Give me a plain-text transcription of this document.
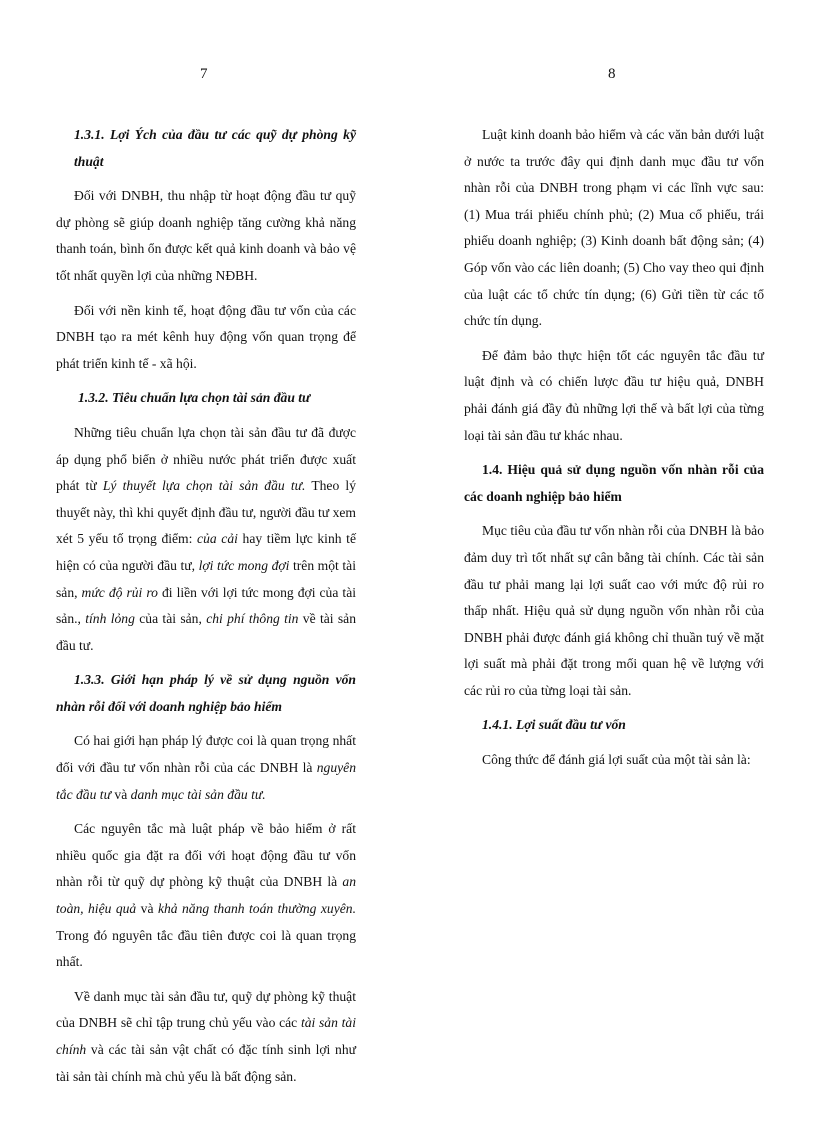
7

1.3.1. Lợi Ých của đầu tư các quỹ dự phòng kỹ thuật

Đối với DNBH, thu nhập từ hoạt động đầu tư quỹ dự phòng sẽ giúp doanh nghiệp tăng cường khả năng thanh toán, bình ổn được kết quả kinh doanh và bảo vệ tốt nhất quyền lợi của những NĐBH.

Đối với nền kinh tế, hoạt động đầu tư vốn của các DNBH tạo ra mét kênh huy động vốn quan trọng để phát triển kinh tế - xã hội.

1.3.2. Tiêu chuẩn lựa chọn tài sản đầu tư

Những tiêu chuẩn lựa chọn tài sản đầu tư đã được áp dụng phổ biến ở nhiều nước phát triển được xuất phát từ Lý thuyết lựa chọn tài sản đầu tư. Theo lý thuyết này, thì khi quyết định đầu tư, người đầu tư xem xét 5 yếu tố trọng điểm: của cải hay tiềm lực kinh tế hiện có của người đầu tư, lợi tức mong đợi trên một tài sản, mức độ rủi ro đi liền với lợi tức mong đợi của tài sản., tính lỏng của tài sản, chi phí thông tin về tài sản đầu tư.

1.3.3. Giới hạn pháp lý về sử dụng nguồn vốn nhàn rỗi đối với doanh nghiệp bảo hiểm

Có hai giới hạn pháp lý được coi là quan trọng nhất đối với đầu tư vốn nhàn rỗi của các DNBH là nguyên tắc đầu tư và danh mục tài sản đầu tư.

Các nguyên tắc mà luật pháp về bảo hiểm ở rất nhiều quốc gia đặt ra đối với hoạt động đầu tư vốn nhàn rỗi từ quỹ dự phòng kỹ thuật của DNBH là an toàn, hiệu quả và khả năng thanh toán thường xuyên. Trong đó nguyên tắc đầu tiên được coi là quan trọng nhất.

Về danh mục tài sản đầu tư, quỹ dự phòng kỹ thuật của DNBH sẽ chỉ tập trung chủ yếu vào các tài sản tài chính và các tài sản vật chất có đặc tính sinh lợi như tài sản tài chính mà chủ yếu là bất động sản.

8

Luật kinh doanh bảo hiểm và các văn bản dưới luật ở nước ta trước đây qui định danh mục đầu tư vốn nhàn rỗi của DNBH trong phạm vi các lĩnh vực sau: (1) Mua trái phiếu chính phủ; (2) Mua cổ phiếu, trái phiếu doanh nghiệp; (3) Kinh doanh bất động sản; (4) Góp vốn vào các liên doanh; (5) Cho vay theo qui định của luật các tổ chức tín dụng; (6) Gửi tiền từ các tổ chức tín dụng.

Để đảm bảo thực hiện tốt các nguyên tắc đầu tư luật định và có chiến lược đầu tư hiệu quả, DNBH phải đánh giá đầy đủ những lợi thế và bất lợi của từng loại tài sản đầu tư khác nhau.

1.4. Hiệu quả sử dụng nguồn vốn nhàn rỗi của các doanh nghiệp bảo hiểm

Mục tiêu của đầu tư vốn nhàn rỗi của DNBH là bảo đảm duy trì tốt nhất sự cân bằng tài chính. Các tài sản đầu tư phải mang lại lợi suất cao với mức độ rủi ro thấp nhất. Hiệu quả sử dụng nguồn vốn nhàn rỗi của DNBH phải được đánh giá không chỉ thuần tuý về mặt lợi suất mà phải đặt trong mối quan hệ về lượng với các rủi ro của từng loại tài sản.

1.4.1. Lợi suất đầu tư vốn

Công thức để đánh giá lợi suất của một tài sản là:
